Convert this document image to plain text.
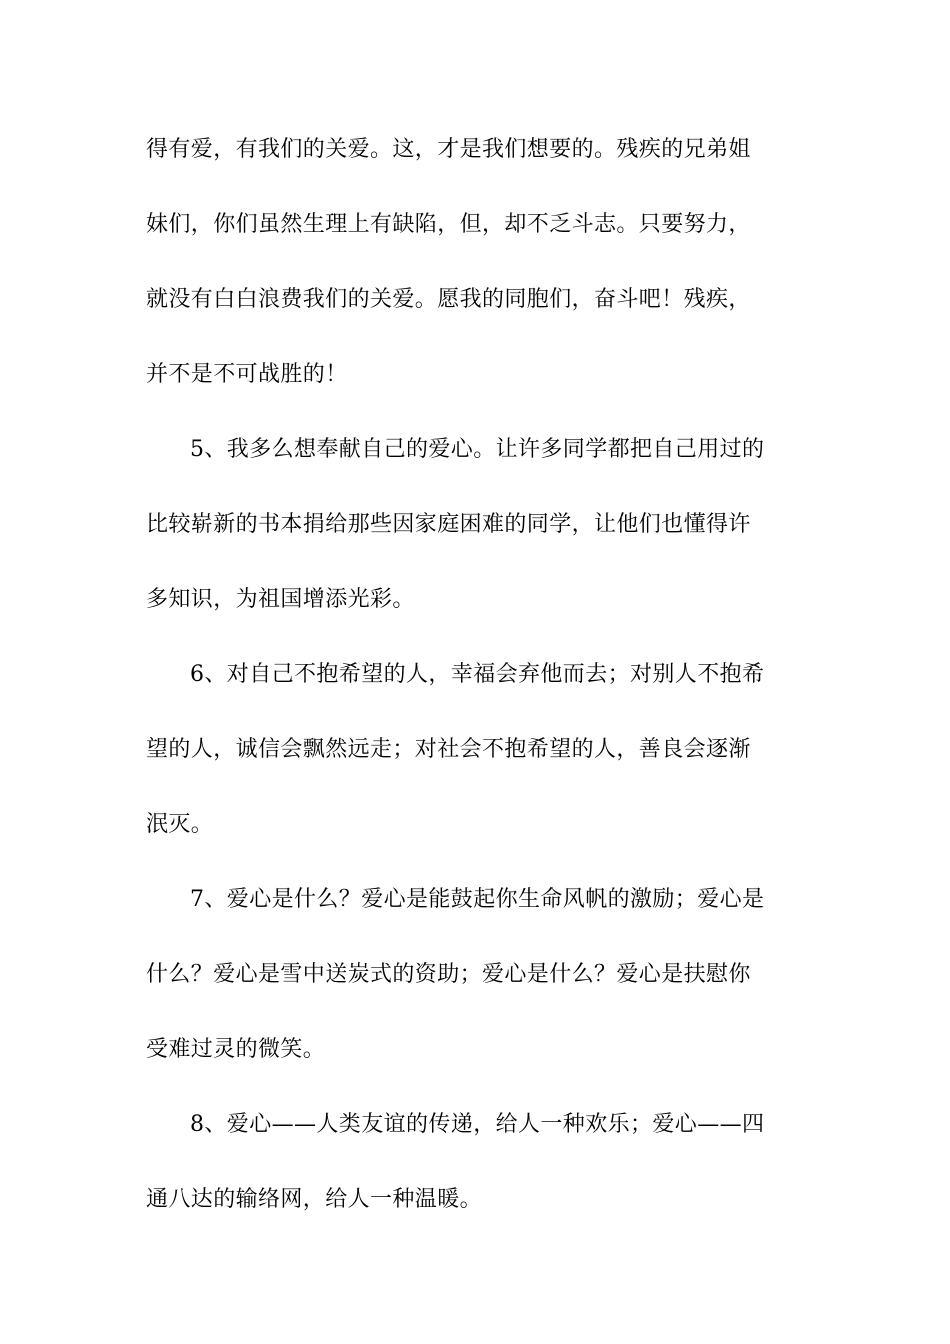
得有爱，有我们的关爱。这，才是我们想要的。残疾的兄弟姐
妹们，你们虽然生理上有缺陷，但，却不乏斗志。只要努力，
就没有白白浪费我们的关爱。愿我的同胞们，奋斗吧！残疾，
并不是不可战胜的！
5、我多么想奉献自己的爱心。让许多同学都把自己用过的
比较崭新的书本捐给那些因家庭困难的同学，让他们也懂得许
多知识，为祖国增添光彩。
6、对自己不抱希望的人，幸福会弃他而去；对别人不抱希
望的人，诚信会飘然远走；对社会不抱希望的人，善良会逐渐
泯灭。
7、爱心是什么？爱心是能鼓起你生命风帆的激励；爱心是
什么？爱心是雪中送炭式的资助；爱心是什么？爱心是扶慰你
受难过灵的微笑。
8、爱心——人类友谊的传递，给人一种欢乐；爱心——四
通八达的输络网，给人一种温暖。
